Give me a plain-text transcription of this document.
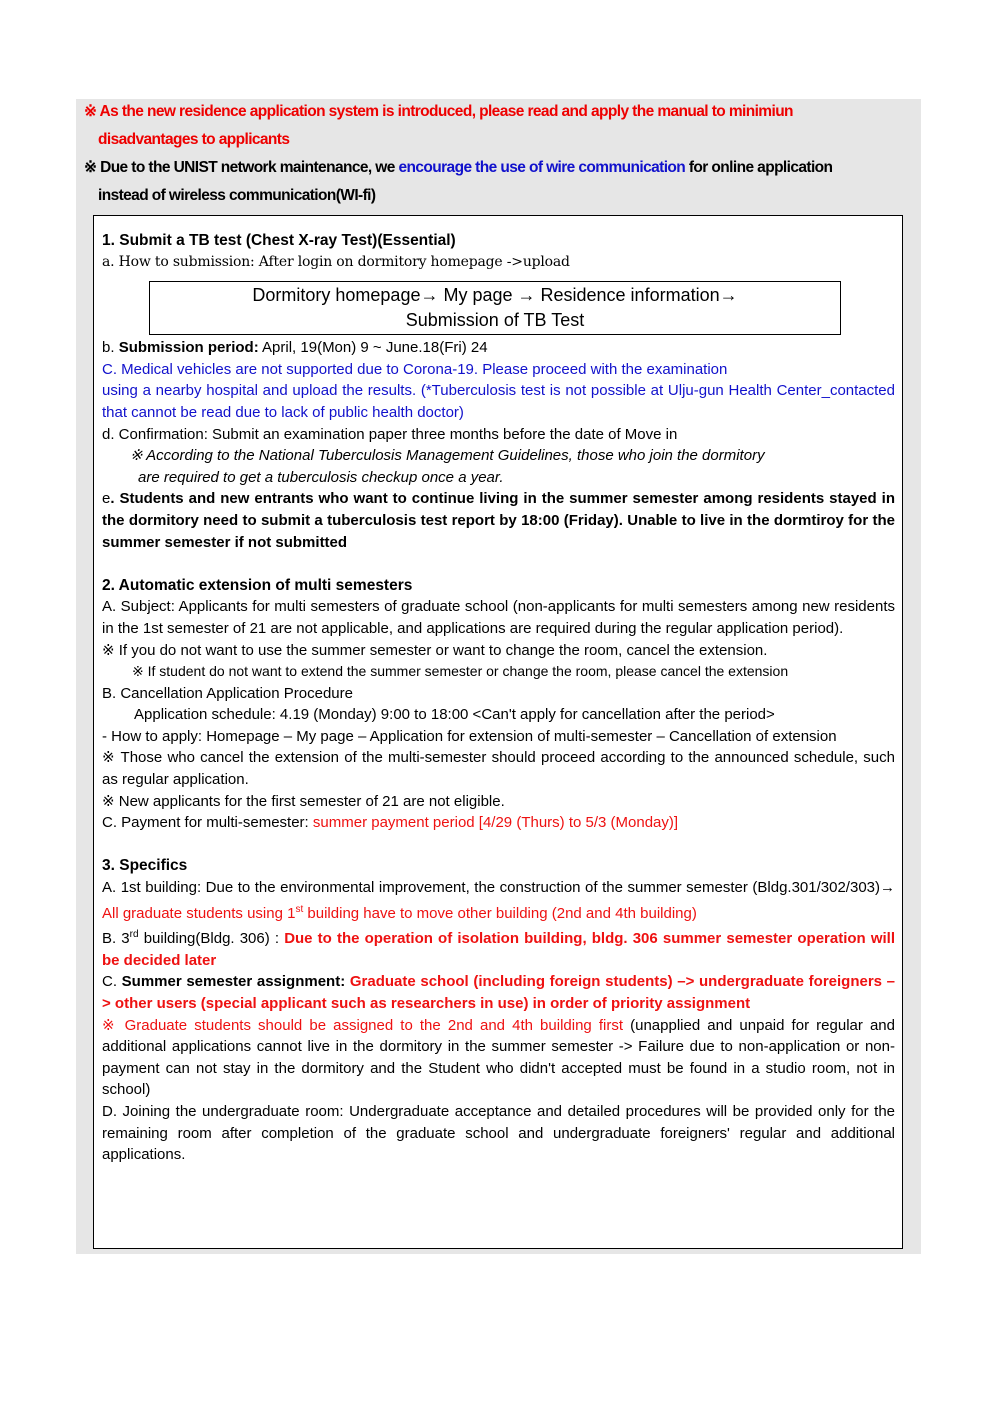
※ As the new residence application system is introduced, please read and apply the manual to minimiun
disadvantages to applicants
※ Due to the UNIST network maintenance, we encourage the use of wire communication for online application
instead of wireless communication(WI-fi)

1. Submit a TB test (Chest X-ray Test)(Essential)

a. How to submission: After login on dormitory homepage ->upload

Dormitory homepage→ My page → Residence information→
Submission of TB Test

b. Submission period: April, 19(Mon) 9 ~ June.18(Fri) 24

C. Medical vehicles are not supported due to Corona-19. Please proceed with the examination
using a nearby hospital and upload the results. (*Tuberculosis test is not possible at Ulju-gun Health Center_contacted that cannot be read due to lack of public health doctor)

d. Confirmation: Submit an examination paper three months before the date of Move in

※ According to the National Tuberculosis Management Guidelines, those who join the dormitory
are required to get a tuberculosis checkup once a year.

e. Students and new entrants who want to continue living in the summer semester among residents stayed in the dormitory need to submit a tuberculosis test report by 18:00 (Friday). Unable to live in the dormtiroy for the summer semester if not submitted

2. Automatic extension of multi semesters

A. Subject: Applicants for multi semesters of graduate school (non-applicants for multi semesters among new residents in the 1st semester of 21 are not applicable, and applications are required during the regular application period).

※ If you do not want to use the summer semester or want to change the room, cancel the extension.

※ If student do not want to extend the summer semester or change the room, please cancel the extension

B. Cancellation Application Procedure

Application schedule: 4.19 (Monday) 9:00 to 18:00 <Can't apply for cancellation after the period>

- How to apply: Homepage – My page – Application for extension of multi-semester – Cancellation of extension

※ Those who cancel the extension of the multi-semester should proceed according to the announced schedule, such as regular application.

※ New applicants for the first semester of 21 are not eligible.

C. Payment for multi-semester: summer payment period [4/29 (Thurs) to 5/3 (Monday)]

3. Specifics

A. 1st building: Due to the environmental improvement, the construction of the summer semester (Bldg.301/302/303)→ All graduate students using 1st building have to move other building (2nd and 4th building)

B. 3rd building(Bldg. 306) : Due to the operation of isolation building, bldg. 306 summer semester operation will be decided later

C. Summer semester assignment: Graduate school (including foreign students) –> undergraduate foreigners –> other users (special applicant such as researchers in use) in order of priority assignment

※ Graduate students should be assigned to the 2nd and 4th building first (unapplied and unpaid for regular and additional applications cannot live in the dormitory in the summer semester -> Failure due to non-application or non-payment can not stay in the dormitory and the Student who didn't accepted must be found in a studio room, not in school)

D. Joining the undergraduate room: Undergraduate acceptance and detailed procedures will be provided only for the remaining room after completion of the graduate school and undergraduate foreigners' regular and additional applications.
